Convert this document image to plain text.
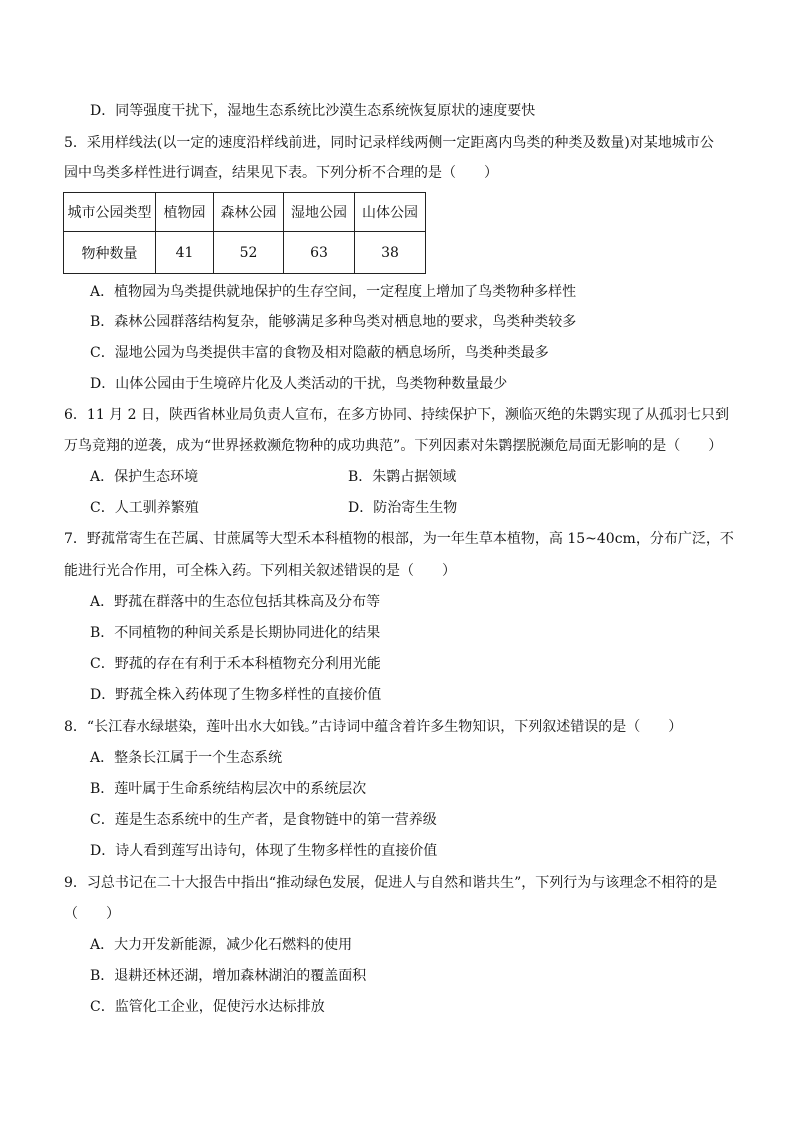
D．同等强度干扰下，湿地生态系统比沙漠生态系统恢复原状的速度要快
5．采用样线法(以一定的速度沿样线前进，同时记录样线两侧一定距离内鸟类的种类及数量)对某地城市公
园中鸟类多样性进行调查，结果见下表。下列分析不合理的是（　　）
城市公园类型	植物园	森林公园	湿地公园	山体公园
物种数量	41	52	63	38
A．植物园为鸟类提供就地保护的生存空间，一定程度上增加了鸟类物种多样性
B．森林公园群落结构复杂，能够满足多种鸟类对栖息地的要求，鸟类种类较多
C．湿地公园为鸟类提供丰富的食物及相对隐蔽的栖息场所，鸟类种类最多
D．山体公园由于生境碎片化及人类活动的干扰，鸟类物种数量最少
6．11 月 2 日，陕西省林业局负责人宣布，在多方协同、持续保护下，濒临灭绝的朱鹮实现了从孤羽七只到
万鸟竞翔的逆袭，成为“世界拯救濒危物种的成功典范”。下列因素对朱鹮摆脱濒危局面无影响的是（　　）
A．保护生态环境	B．朱鹮占据领域
C．人工驯养繁殖	D．防治寄生生物
7．野菰常寄生在芒属、甘蔗属等大型禾本科植物的根部，为一年生草本植物，高 15~40cm，分布广泛，不
能进行光合作用，可全株入药。下列相关叙述错误的是（　　）
A．野菰在群落中的生态位包括其株高及分布等
B．不同植物的种间关系是长期协同进化的结果
C．野菰的存在有利于禾本科植物充分利用光能
D．野菰全株入药体现了生物多样性的直接价值
8．“长江春水绿堪染，莲叶出水大如钱。”古诗词中蕴含着许多生物知识，下列叙述错误的是（　　）
A．整条长江属于一个生态系统
B．莲叶属于生命系统结构层次中的系统层次
C．莲是生态系统中的生产者，是食物链中的第一营养级
D．诗人看到莲写出诗句，体现了生物多样性的直接价值
9．习总书记在二十大报告中指出“推动绿色发展，促进人与自然和谐共生”，下列行为与该理念不相符的是
（　　）
A．大力开发新能源，减少化石燃料的使用
B．退耕还林还湖，增加森林湖泊的覆盖面积
C．监管化工企业，促使污水达标排放
